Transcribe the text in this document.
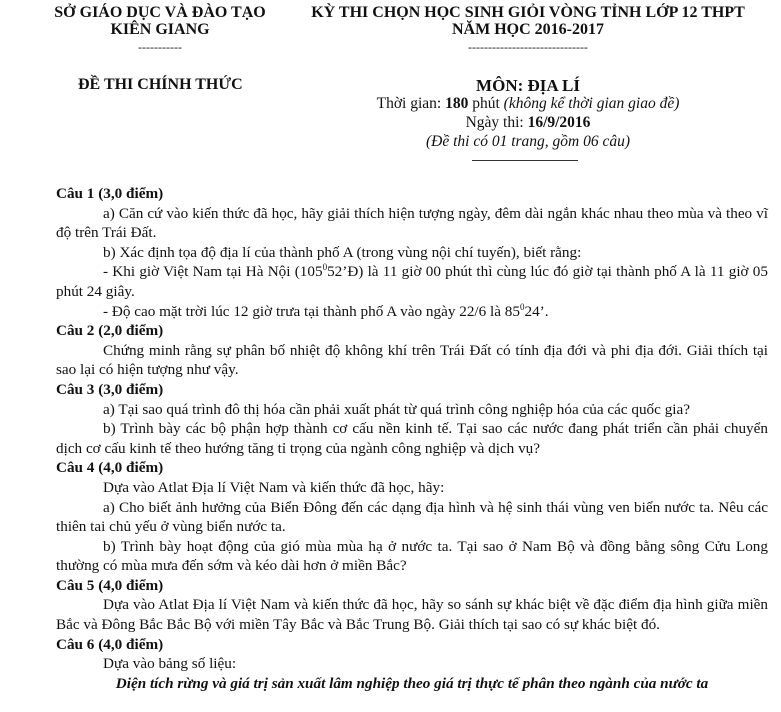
SỞ GIÁO DỤC VÀ ĐÀO TẠO
KIÊN GIANG
-----------
KỲ THI CHỌN HỌC SINH GIỎI VÒNG TỈNH LỚP 12 THPT
NĂM HỌC 2016-2017
------------------------------
ĐỀ THI CHÍNH THỨC	MÔN: ĐỊA LÍ
Thời gian: 180 phút (không kể thời gian giao đề)
Ngày thi: 16/9/2016
(Đề thi có 01 trang, gồm 06 câu)

Câu 1 (3,0 điểm)

a) Căn cứ vào kiến thức đã học, hãy giải thích hiện tượng ngày, đêm dài ngắn khác nhau theo mùa và theo vĩ độ trên Trái Đất.

b) Xác định tọa độ địa lí của thành phố A (trong vùng nội chí tuyến), biết rằng:

- Khi giờ Việt Nam tại Hà Nội $(105^052’Đ)$ là 11 giờ 00 phút thì cùng lúc đó giờ tại thành phố A là 11 giờ 05 phút 24 giây.

- Độ cao mặt trời lúc 12 giờ trưa tại thành phố A vào ngày 22/6 là $85^024$’.

Câu 2 (2,0 điểm)

Chứng minh rằng sự phân bố nhiệt độ không khí trên Trái Đất có tính địa đới và phi địa đới. Giải thích tại sao lại có hiện tượng như vậy.

Câu 3 (3,0 điểm)

a) Tại sao quá trình đô thị hóa cần phải xuất phát từ quá trình công nghiệp hóa của các quốc gia?

b) Trình bày các bộ phận hợp thành cơ cấu nền kinh tế. Tại sao các nước đang phát triển cần phải chuyển dịch cơ cấu kinh tế theo hướng tăng tỉ trọng của ngành công nghiệp và dịch vụ?

Câu 4 (4,0 điểm)

Dựa vào Atlat Địa lí Việt Nam và kiến thức đã học, hãy:

a) Cho biết ảnh hưởng của Biển Đông đến các dạng địa hình và hệ sinh thái vùng ven biển nước ta. Nêu các thiên tai chủ yếu ở vùng biển nước ta.

b) Trình bày hoạt động của gió mùa mùa hạ ở nước ta. Tại sao ở Nam Bộ và đồng bằng sông Cửu Long thường có mùa mưa đến sớm và kéo dài hơn ở miền Bắc?

Câu 5 (4,0 điểm)

Dựa vào Atlat Địa lí Việt Nam và kiến thức đã học, hãy so sánh sự khác biệt về đặc điểm địa hình giữa miền Bắc và Đông Bắc Bắc Bộ với miền Tây Bắc và Bắc Trung Bộ. Giải thích tại sao có sự khác biệt đó.

Câu 6 (4,0 điểm)

Dựa vào bảng số liệu:

Diện tích rừng và giá trị sản xuất lâm nghiệp theo giá trị thực tế phân theo ngành của nước ta
